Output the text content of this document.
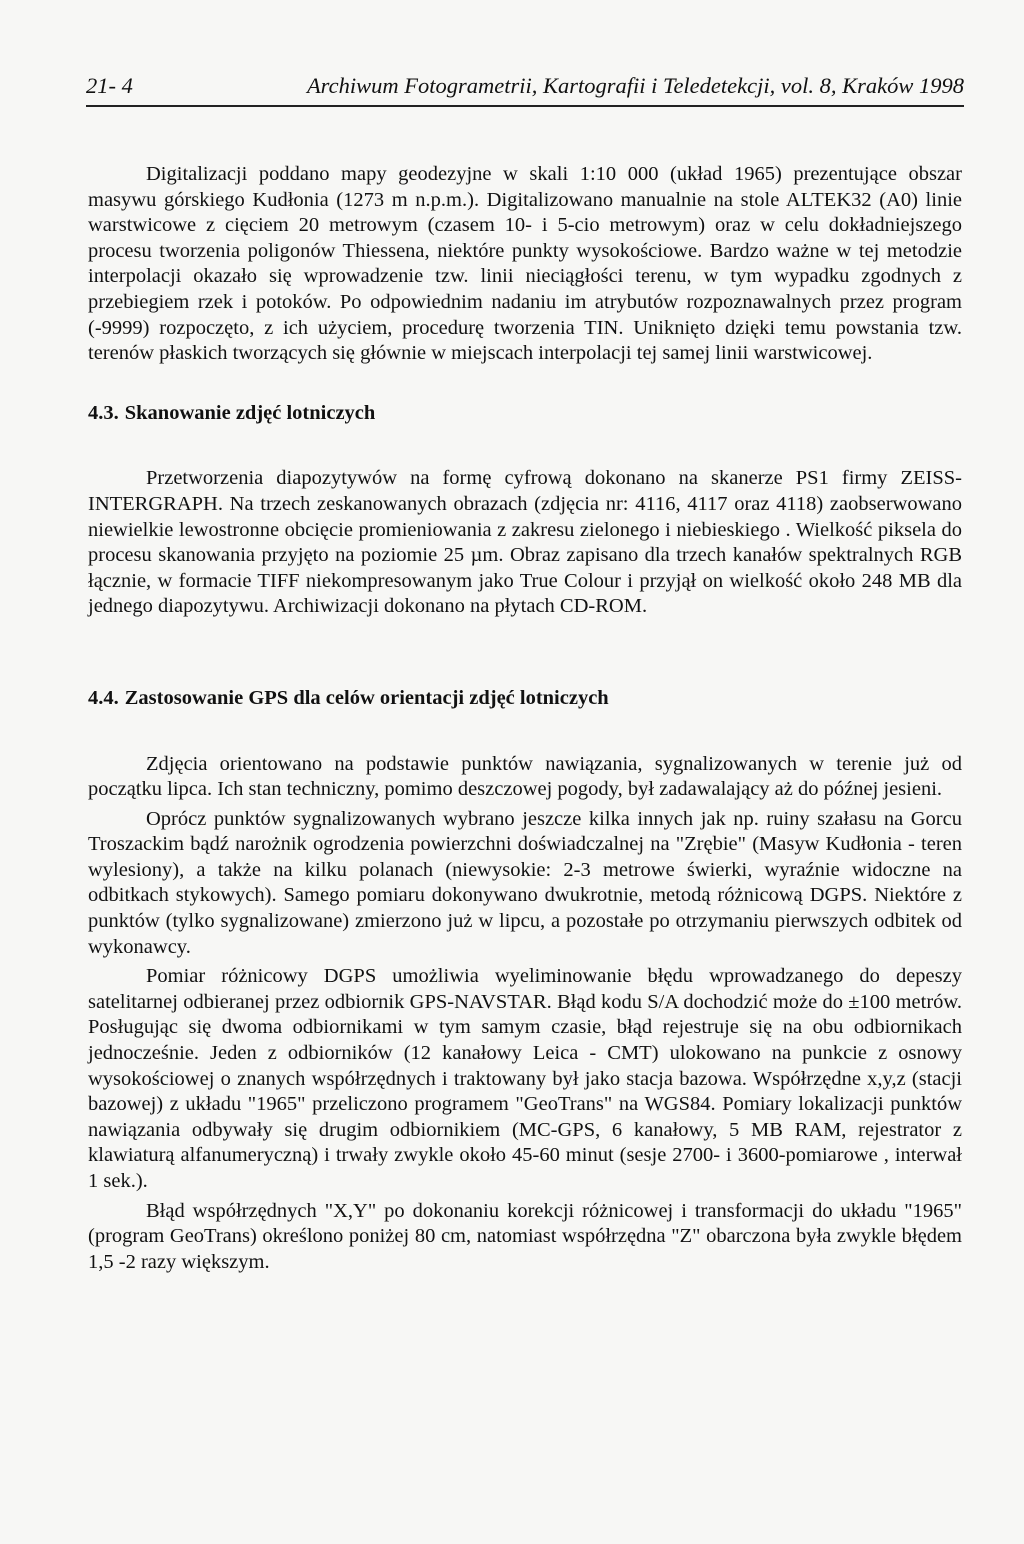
21- 4	Archiwum Fotogrametrii, Kartografii i Teledetekcji, vol. 8, Kraków 1998

Digitalizacji poddano mapy geodezyjne w skali 1:10 000 (układ 1965) prezentujące obszar masywu górskiego Kudłonia (1273 m n.p.m.). Digitalizowano manualnie na stole ALTEK32 (A0) linie warstwicowe z cięciem 20 metrowym (czasem 10- i 5-cio metrowym) oraz w celu dokładniejszego procesu tworzenia poligonów Thiessena, niektóre punkty wysokościowe. Bardzo ważne w tej metodzie interpolacji okazało się wprowadzenie tzw. linii nieciągłości terenu, w tym wypadku zgodnych z przebiegiem rzek i potoków. Po odpowiednim nadaniu im atrybutów rozpoznawalnych przez program (-9999) rozpoczęto, z ich użyciem, procedurę tworzenia TIN. Uniknięto dzięki temu powstania tzw. terenów płaskich tworzących się głównie w miejscach interpolacji tej samej linii warstwicowej.

4.3. Skanowanie zdjęć lotniczych

Przetworzenia diapozytywów na formę cyfrową dokonano na skanerze PS1 firmy ZEISS-INTERGRAPH. Na trzech zeskanowanych obrazach (zdjęcia nr: 4116, 4117 oraz 4118) zaobserwowano niewielkie lewostronne obcięcie promieniowania z zakresu zielonego i niebieskiego . Wielkość piksela do procesu skanowania przyjęto na poziomie 25 µm. Obraz zapisano dla trzech kanałów spektralnych RGB łącznie, w formacie TIFF niekompresowanym jako True Colour i przyjął on wielkość około 248 MB dla jednego diapozytywu. Archiwizacji dokonano na płytach CD-ROM.

4.4. Zastosowanie GPS dla celów orientacji zdjęć lotniczych

Zdjęcia orientowano na podstawie punktów nawiązania, sygnalizowanych w terenie już od początku lipca. Ich stan techniczny, pomimo deszczowej pogody, był zadawalający aż do późnej jesieni.

Oprócz punktów sygnalizowanych wybrano jeszcze kilka innych jak np. ruiny szałasu na Gorcu Troszackim bądź narożnik ogrodzenia powierzchni doświadczalnej na "Zrębie" (Masyw Kudłonia - teren wylesiony), a także na kilku polanach (niewysokie: 2-3 metrowe świerki, wyraźnie widoczne na odbitkach stykowych). Samego pomiaru dokonywano dwukrotnie, metodą różnicową DGPS. Niektóre z punktów (tylko sygnalizowane) zmierzono już w lipcu, a pozostałe po otrzymaniu pierwszych odbitek od wykonawcy.

Pomiar różnicowy DGPS umożliwia wyeliminowanie błędu wprowadzanego do depeszy satelitarnej odbieranej przez odbiornik GPS-NAVSTAR. Błąd kodu S/A dochodzić może do ±100 metrów. Posługując się dwoma odbiornikami w tym samym czasie, błąd rejestruje się na obu odbiornikach jednocześnie. Jeden z odbiorników (12 kanałowy Leica - CMT) ulokowano na punkcie z osnowy wysokościowej o znanych współrzędnych i traktowany był jako stacja bazowa. Współrzędne x,y,z (stacji bazowej) z układu "1965" przeliczono programem "GeoTrans" na WGS84. Pomiary lokalizacji punktów nawiązania odbywały się drugim odbiornikiem (MC-GPS, 6 kanałowy, 5 MB RAM, rejestrator z klawiaturą alfanumeryczną) i trwały zwykle około 45-60 minut (sesje 2700- i 3600-pomiarowe , interwał 1 sek.).

Błąd współrzędnych "X,Y" po dokonaniu korekcji różnicowej i transformacji do układu "1965" (program GeoTrans) określono poniżej 80 cm, natomiast współrzędna "Z" obarczona była zwykle błędem 1,5 -2 razy większym.
